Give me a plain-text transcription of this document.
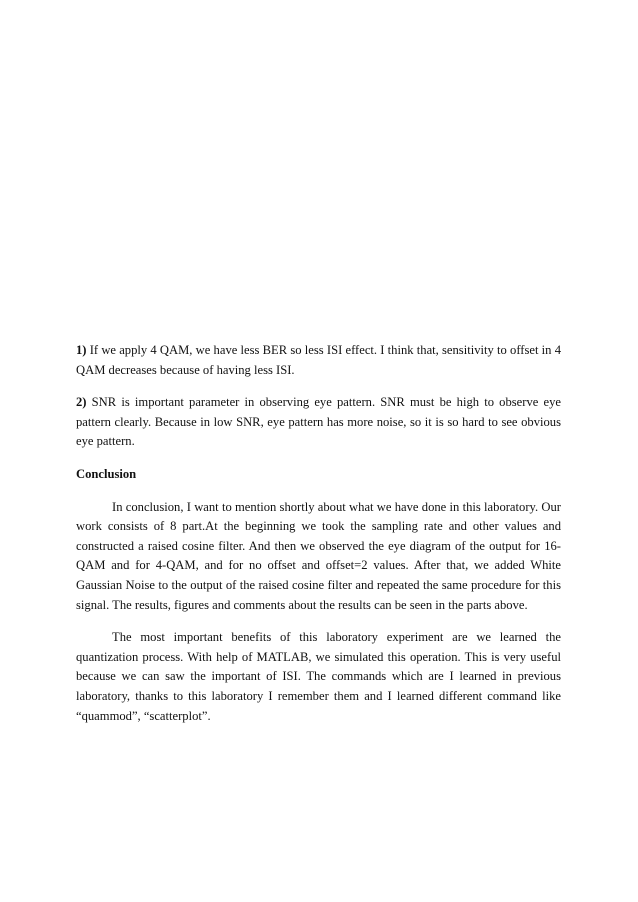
1) If we apply 4 QAM, we have less BER so less ISI effect. I think that, sensitivity to offset in 4 QAM decreases because of having less ISI.

2) SNR is important parameter in observing eye pattern. SNR must be high to observe eye pattern clearly. Because in low SNR, eye pattern has more noise, so it is so hard to see obvious eye pattern.

Conclusion

In conclusion, I want to mention shortly about what we have done in this laboratory. Our work consists of 8 part.At the beginning we took the sampling rate and other values and constructed a raised cosine filter. And then we observed the eye diagram of the output for 16-QAM and for 4-QAM, and for no offset and offset=2 values. After that, we added White Gaussian Noise to the output of the raised cosine filter and repeated the same procedure for this signal. The results, figures and comments about the results can be seen in the parts above.

The most important benefits of this laboratory experiment are we learned the quantization process. With help of MATLAB, we simulated this operation. This is very useful because we can saw the important of ISI. The commands which are I learned in previous laboratory, thanks to this laboratory I remember them and I learned different command like “quammod”, “scatterplot”.
